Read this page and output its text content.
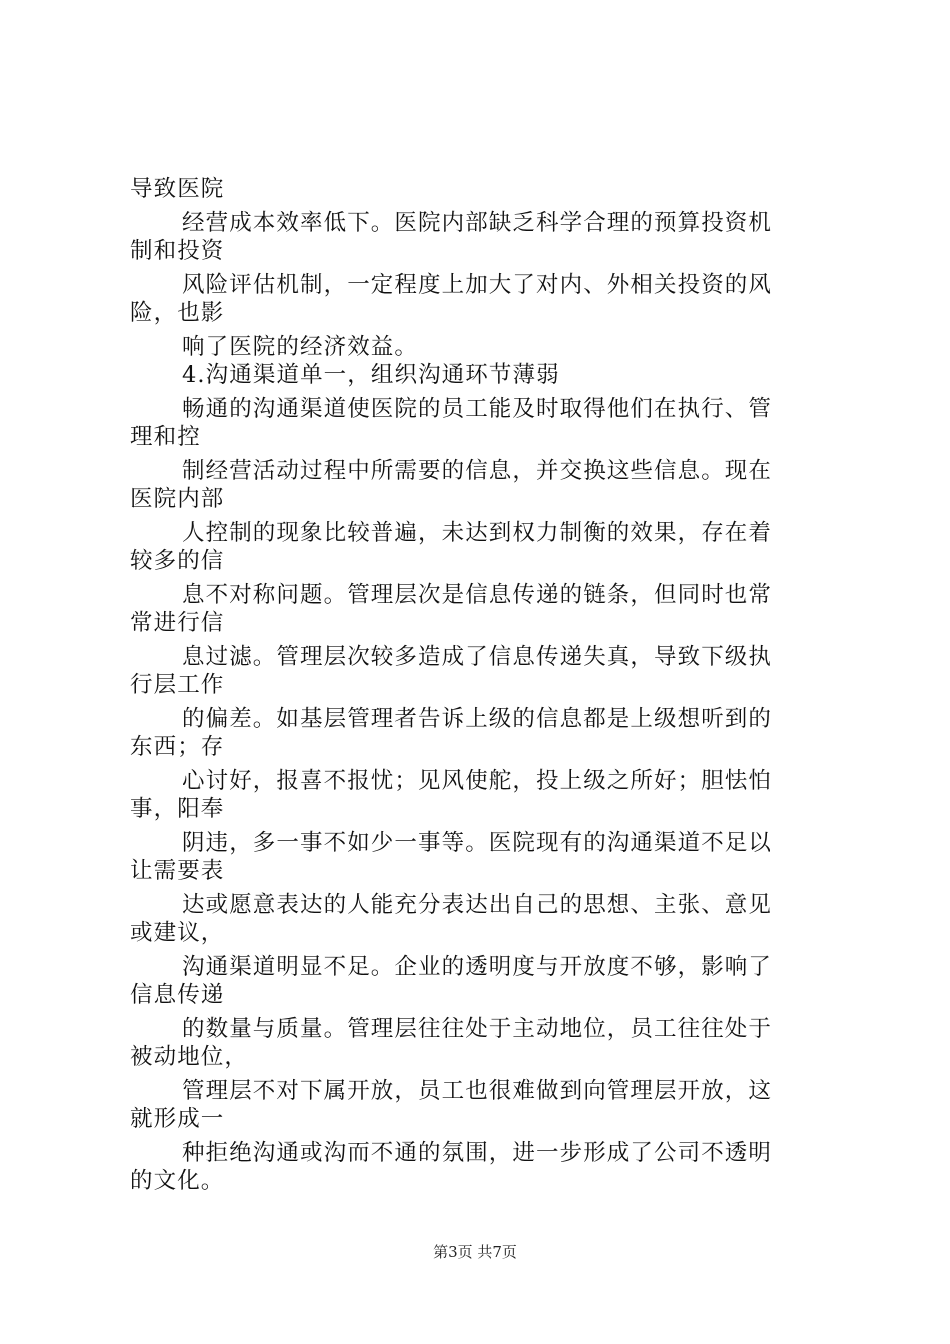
导致医院
经营成本效率低下。医院内部缺乏科学合理的预算投资机
制和投资
风险评估机制，一定程度上加大了对内、外相关投资的风
险，也影
响了医院的经济效益。
4.沟通渠道单一，组织沟通环节薄弱
畅通的沟通渠道使医院的员工能及时取得他们在执行、管
理和控
制经营活动过程中所需要的信息，并交换这些信息。现在
医院内部
人控制的现象比较普遍，未达到权力制衡的效果，存在着
较多的信
息不对称问题。管理层次是信息传递的链条，但同时也常
常进行信
息过滤。管理层次较多造成了信息传递失真，导致下级执
行层工作
的偏差。如基层管理者告诉上级的信息都是上级想听到的
东西；存
心讨好，报喜不报忧；见风使舵，投上级之所好；胆怯怕
事，阳奉
阴违，多一事不如少一事等。医院现有的沟通渠道不足以
让需要表
达或愿意表达的人能充分表达出自己的思想、主张、意见
或建议，
沟通渠道明显不足。企业的透明度与开放度不够，影响了
信息传递
的数量与质量。管理层往往处于主动地位，员工往往处于
被动地位，
管理层不对下属开放，员工也很难做到向管理层开放，这
就形成一
种拒绝沟通或沟而不通的氛围，进一步形成了公司不透明
的文化。
第3页 共7页
